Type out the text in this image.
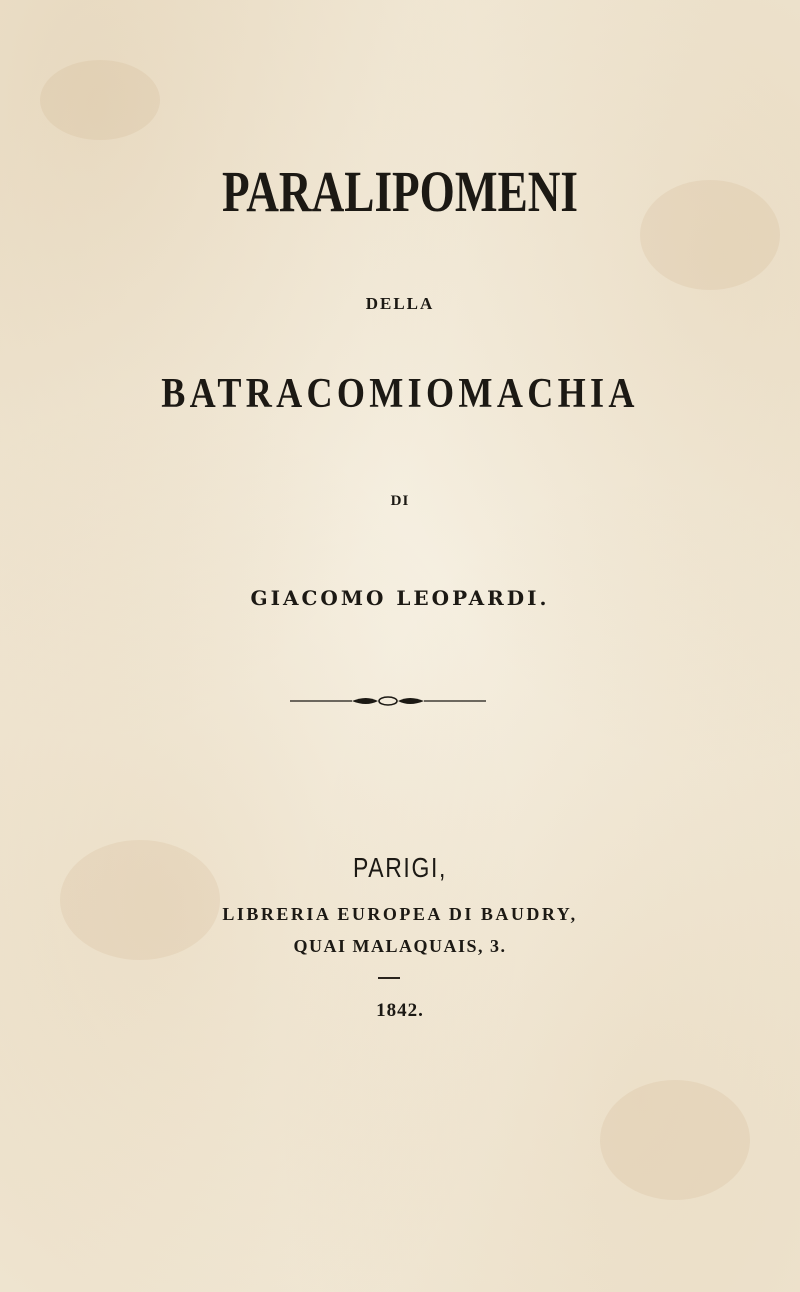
PARALIPOMENI
DELLA
BATRACOMIOMACHIA
DI
GIACOMO LEOPARDI.
PARIGI,
LIBRERIA EUROPEA DI BAUDRY,
QUAI MALAQUAIS, 3.
1842.
